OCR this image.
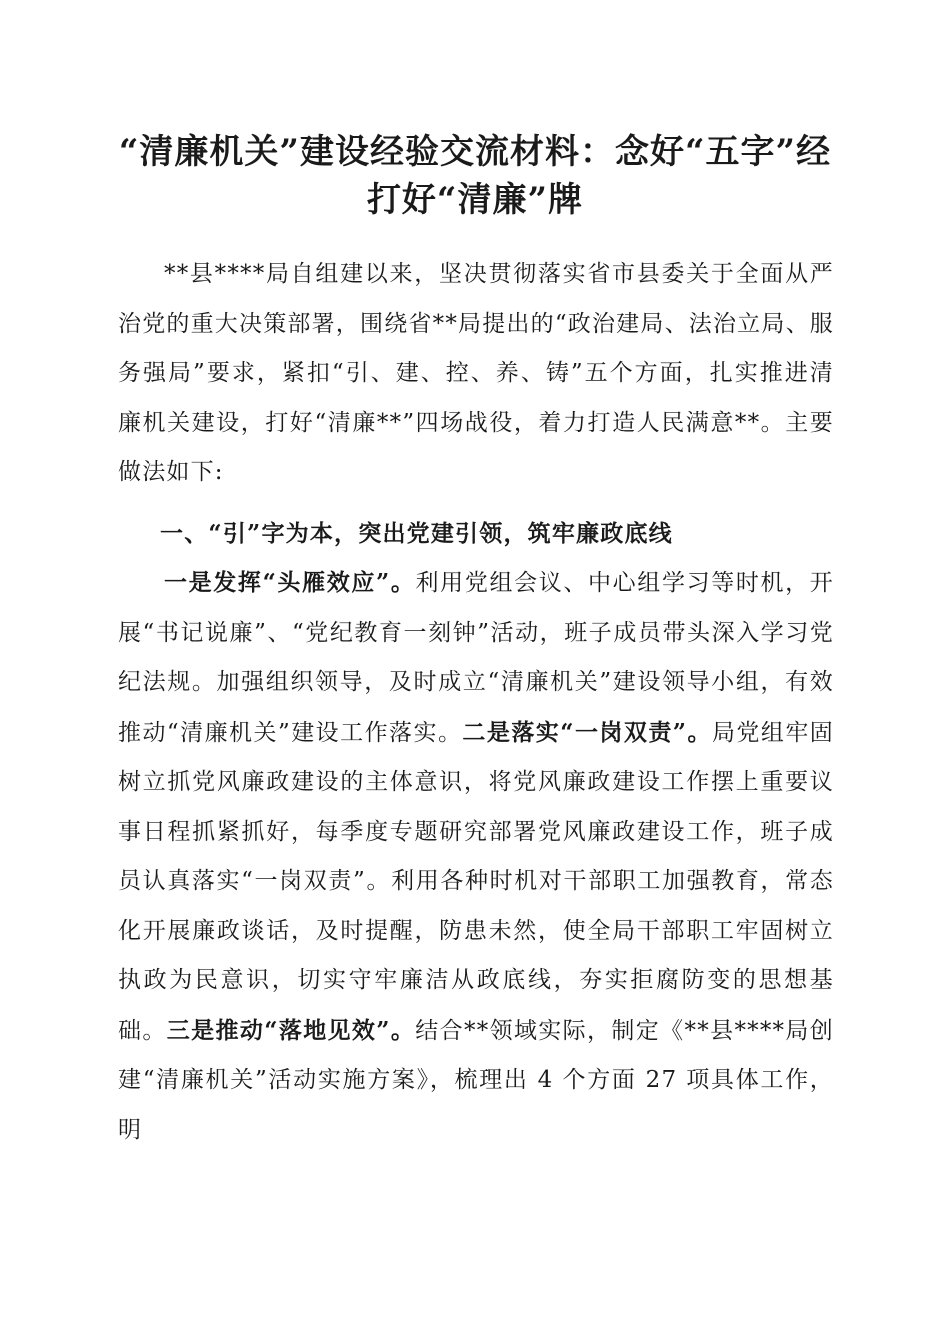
“清廉机关”建设经验交流材料：念好“五字”经 打好“清廉”牌

**县****局自组建以来，坚决贯彻落实省市县委关于全面从严治党的重大决策部署，围绕省**局提出的“政治建局、法治立局、服务强局”要求，紧扣“引、建、控、养、铸”五个方面，扎实推进清廉机关建设，打好“清廉**”四场战役，着力打造人民满意**。主要做法如下:

一、“引”字为本，突出党建引领，筑牢廉政底线

一是发挥“头雁效应”。利用党组会议、中心组学习等时机，开展“书记说廉”、“党纪教育一刻钟”活动，班子成员带头深入学习党纪法规。加强组织领导，及时成立“清廉机关”建设领导小组，有效推动“清廉机关”建设工作落实。二是落实“一岗双责”。局党组牢固树立抓党风廉政建设的主体意识，将党风廉政建设工作摆上重要议事日程抓紧抓好，每季度专题研究部署党风廉政建设工作，班子成员认真落实“一岗双责”。利用各种时机对干部职工加强教育，常态化开展廉政谈话，及时提醒，防患未然，使全局干部职工牢固树立执政为民意识，切实守牢廉洁从政底线，夯实拒腐防变的思想基础。三是推动“落地见效”。结合**领域实际，制定《**县****局创建“清廉机关”活动实施方案》，梳理出 4 个方面 27 项具体工作，明
